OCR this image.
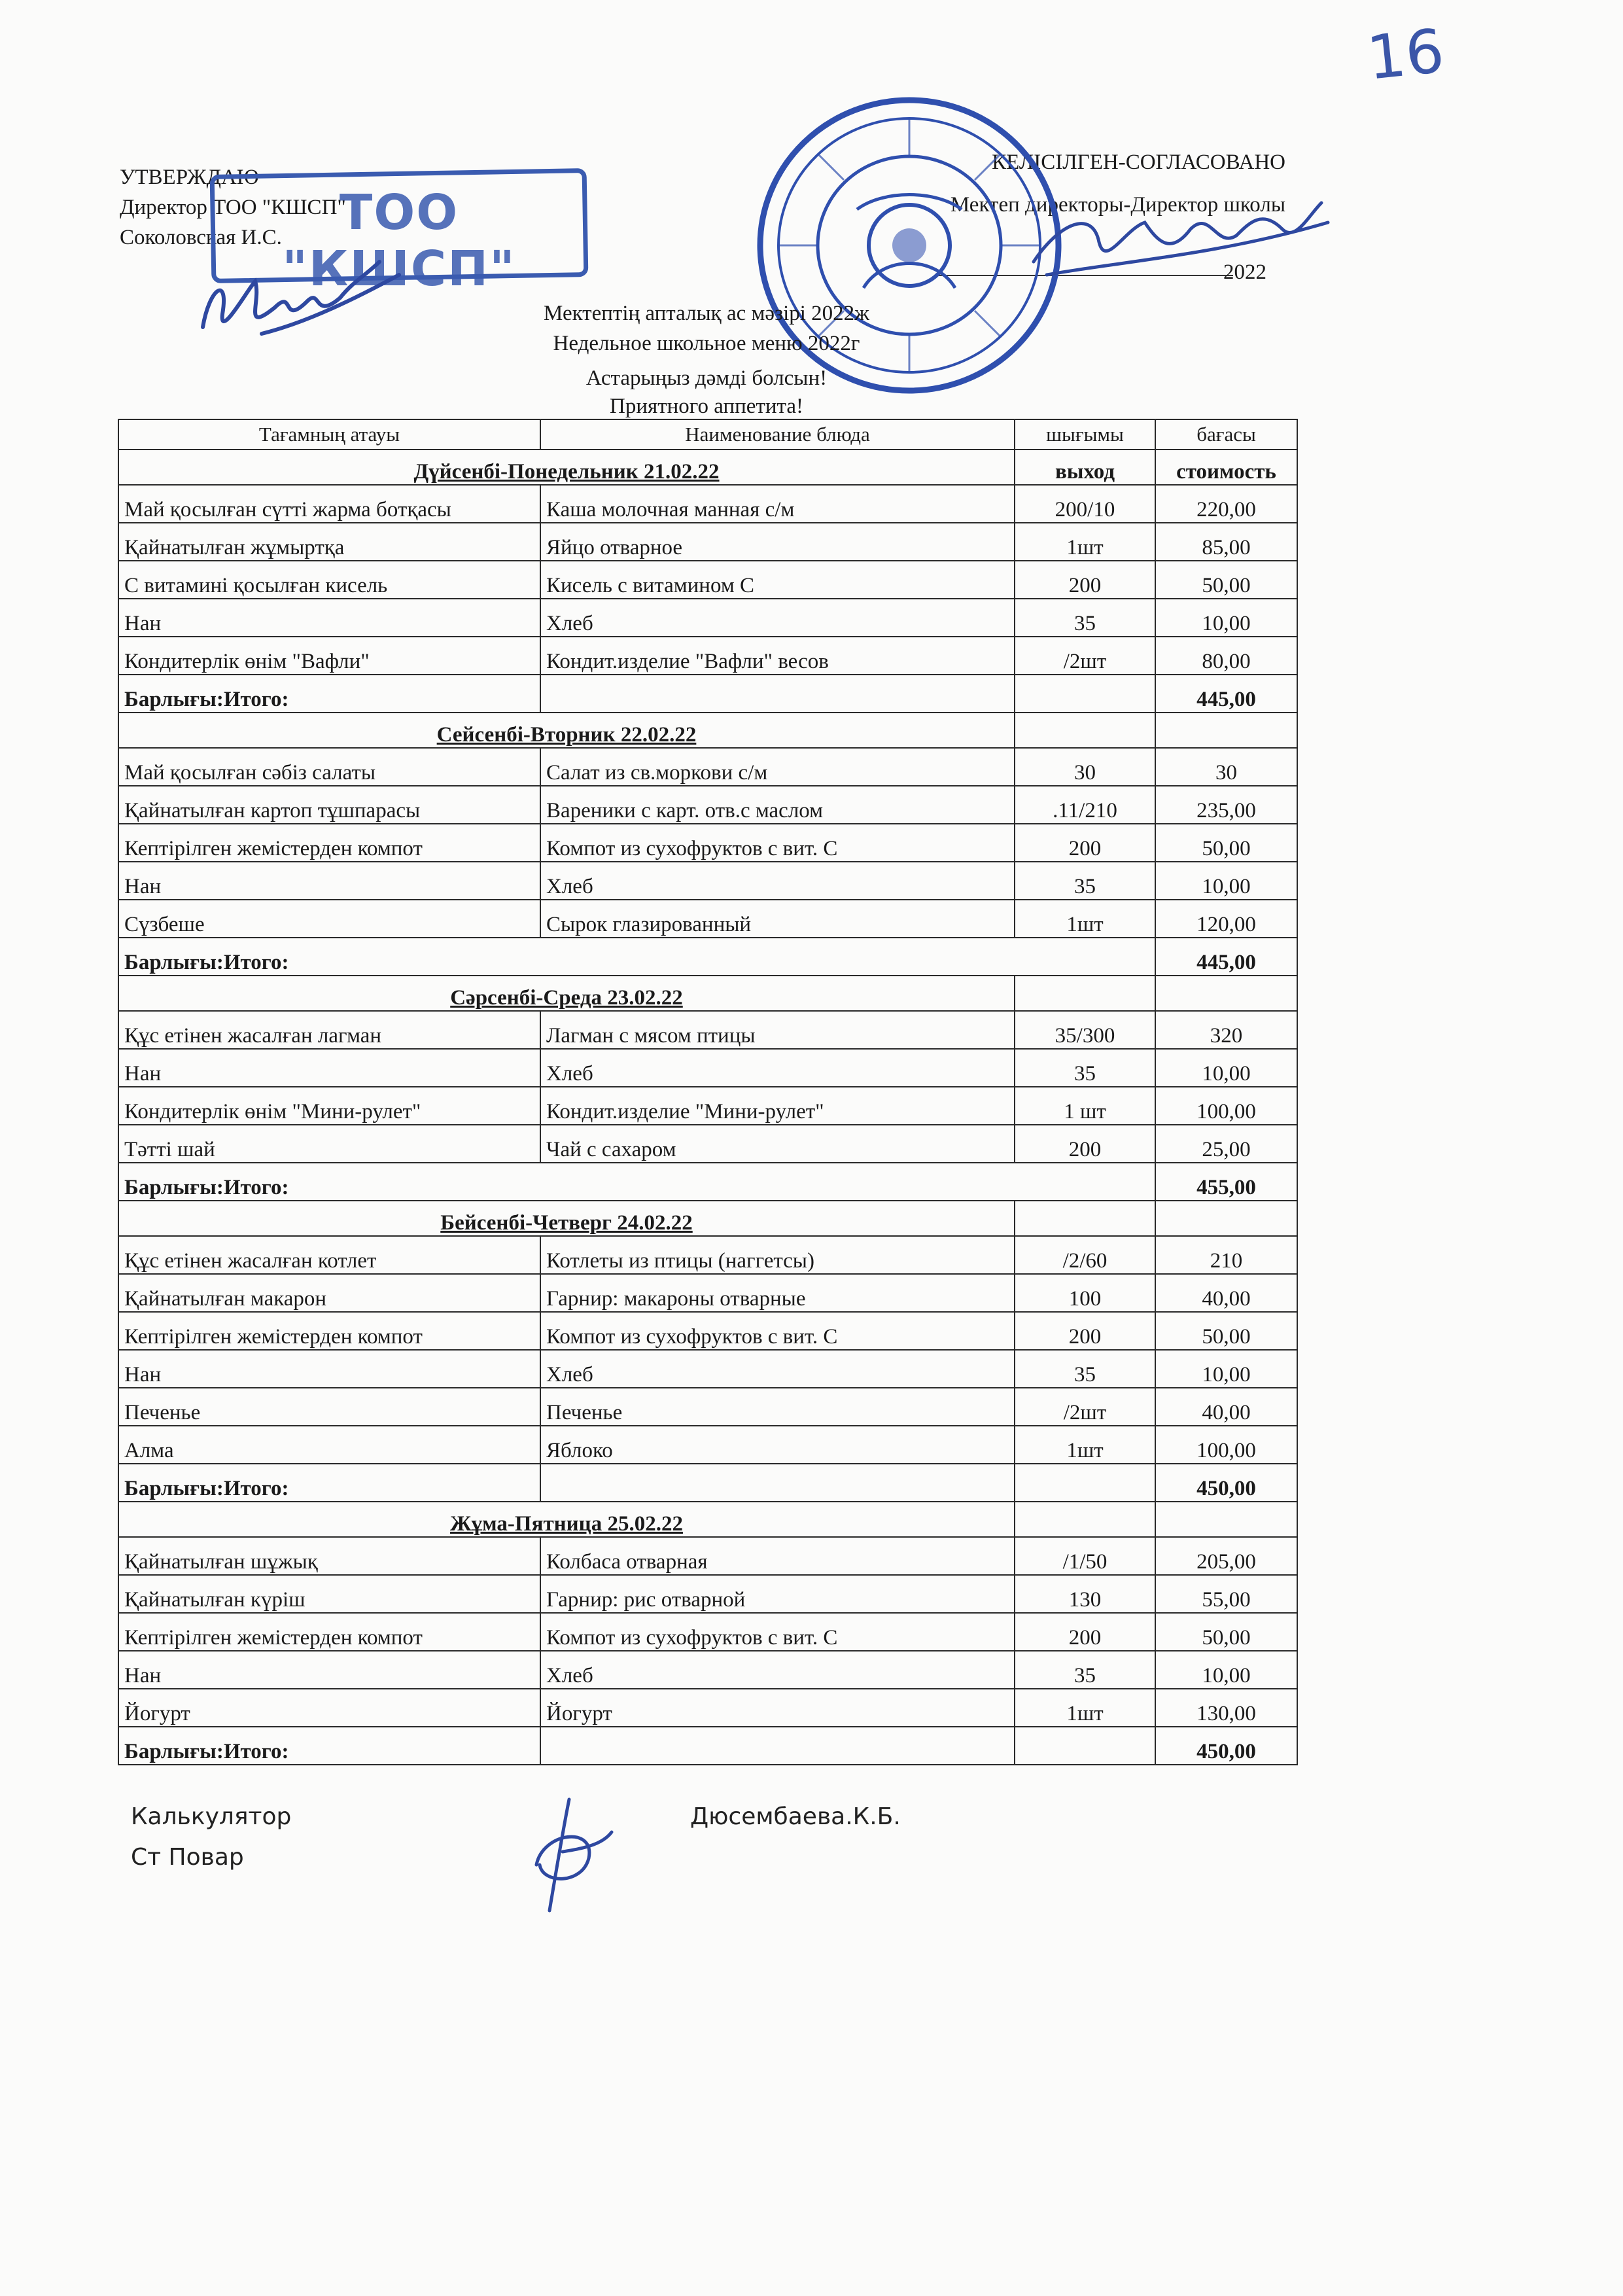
16
УТВЕРЖДАЮ
Директор ТОО "КШСП"
Соколовская И.С.	ТОО "КШСП"
КЕЛІСІЛГЕН-СОГЛАСОВАНО
Мектеп директоры-Директор школы
2022
Мектептің апталық ас мәзірі 2022ж
Недельное школьное меню 2022г
Астарыңыз дәмді болсын!
Приятного аппетита!
Тағамның атауы	Наименование блюда	шығымы	бағасы
Дүйсенбі-Понедельник 21.02.22		выход	стоимость
Май қосылған сүтті жарма ботқасы	Каша молочная манная с/м	200/10	220,00
Қайнатылған жұмыртқа	Яйцо отварное	1шт	85,00
С витамині қосылған кисель	Кисель с витамином С	200	50,00
Нан	Хлеб	35	10,00
Кондитерлік өнім "Вафли"	Кондит.изделие "Вафли" весов	/2шт	80,00
Барлығы:Итого:			445,00
Сейсенбі-Вторник 22.02.22			
Май қосылған сәбіз салаты	Салат из св.моркови с/м	30	30
Қайнатылған картоп тұшпарасы	Вареники с карт. отв.с маслом	.11/210	235,00
Кептірілген жемістерден компот	Компот из сухофруктов с вит. С	200	50,00
Нан	Хлеб	35	10,00
Сүзбеше	Сырок глазированный	1шт	120,00
Барлығы:Итого:			445,00
Сәрсенбі-Среда 23.02.22			
Құс етінен жасалған лагман	Лагман с мясом птицы	35/300	320
Нан	Хлеб	35	10,00
Кондитерлік өнім "Мини-рулет"	Кондит.изделие "Мини-рулет"	1 шт	100,00
Тәтті шай	Чай с сахаром	200	25,00
Барлығы:Итого:			455,00
Бейсенбі-Четверг 24.02.22			
Құс етінен жасалған котлет	Котлеты из птицы (наггетсы)	/2/60	210
Қайнатылған макарон	Гарнир: макароны отварные	100	40,00
Кептірілген жемістерден компот	Компот из сухофруктов с вит. С	200	50,00
Нан	Хлеб	35	10,00
Печенье	Печенье	/2шт	40,00
Алма	Яблоко	1шт	100,00
Барлығы:Итого:			450,00
Жұма-Пятница 25.02.22			
Қайнатылған шұжық	Колбаса отварная	/1/50	205,00
Қайнатылған күріш	Гарнир: рис отварной	130	55,00
Кептірілген жемістерден компот	Компот из сухофруктов с вит. С	200	50,00
Нан	Хлеб	35	10,00
Йогурт	Йогурт	1шт	130,00
Барлығы:Итого:			450,00
Калькулятор	Дюсембаева.К.Б.
Ст Повар
